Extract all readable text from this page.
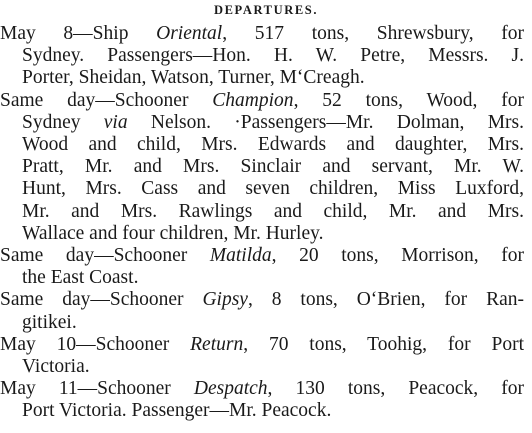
DEPARTURES.
May 8—Ship Oriental, 517 tons, Shrewsbury, for
Sydney. Passengers—Hon. H. W. Petre, Messrs. J.
Porter, Sheidan, Watson, Turner, M‘Creagh.
Same day—Schooner Champion, 52 tons, Wood, for
Sydney via Nelson. ·Passengers—Mr. Dolman, Mrs.
Wood and child, Mrs. Edwards and daughter, Mrs.
Pratt, Mr. and Mrs. Sinclair and servant, Mr. W.
Hunt, Mrs. Cass and seven children, Miss Luxford,
Mr. and Mrs. Rawlings and child, Mr. and Mrs.
Wallace and four children, Mr. Hurley.
Same day—Schooner Matilda, 20 tons, Morrison, for
the East Coast.
Same day—Schooner Gipsy, 8 tons, O‘Brien, for Ran-
gitikei.
May 10—Schooner Return, 70 tons, Toohig, for Port
Victoria.
May 11—Schooner Despatch, 130 tons, Peacock, for
Port Victoria. Passenger—Mr. Peacock.
